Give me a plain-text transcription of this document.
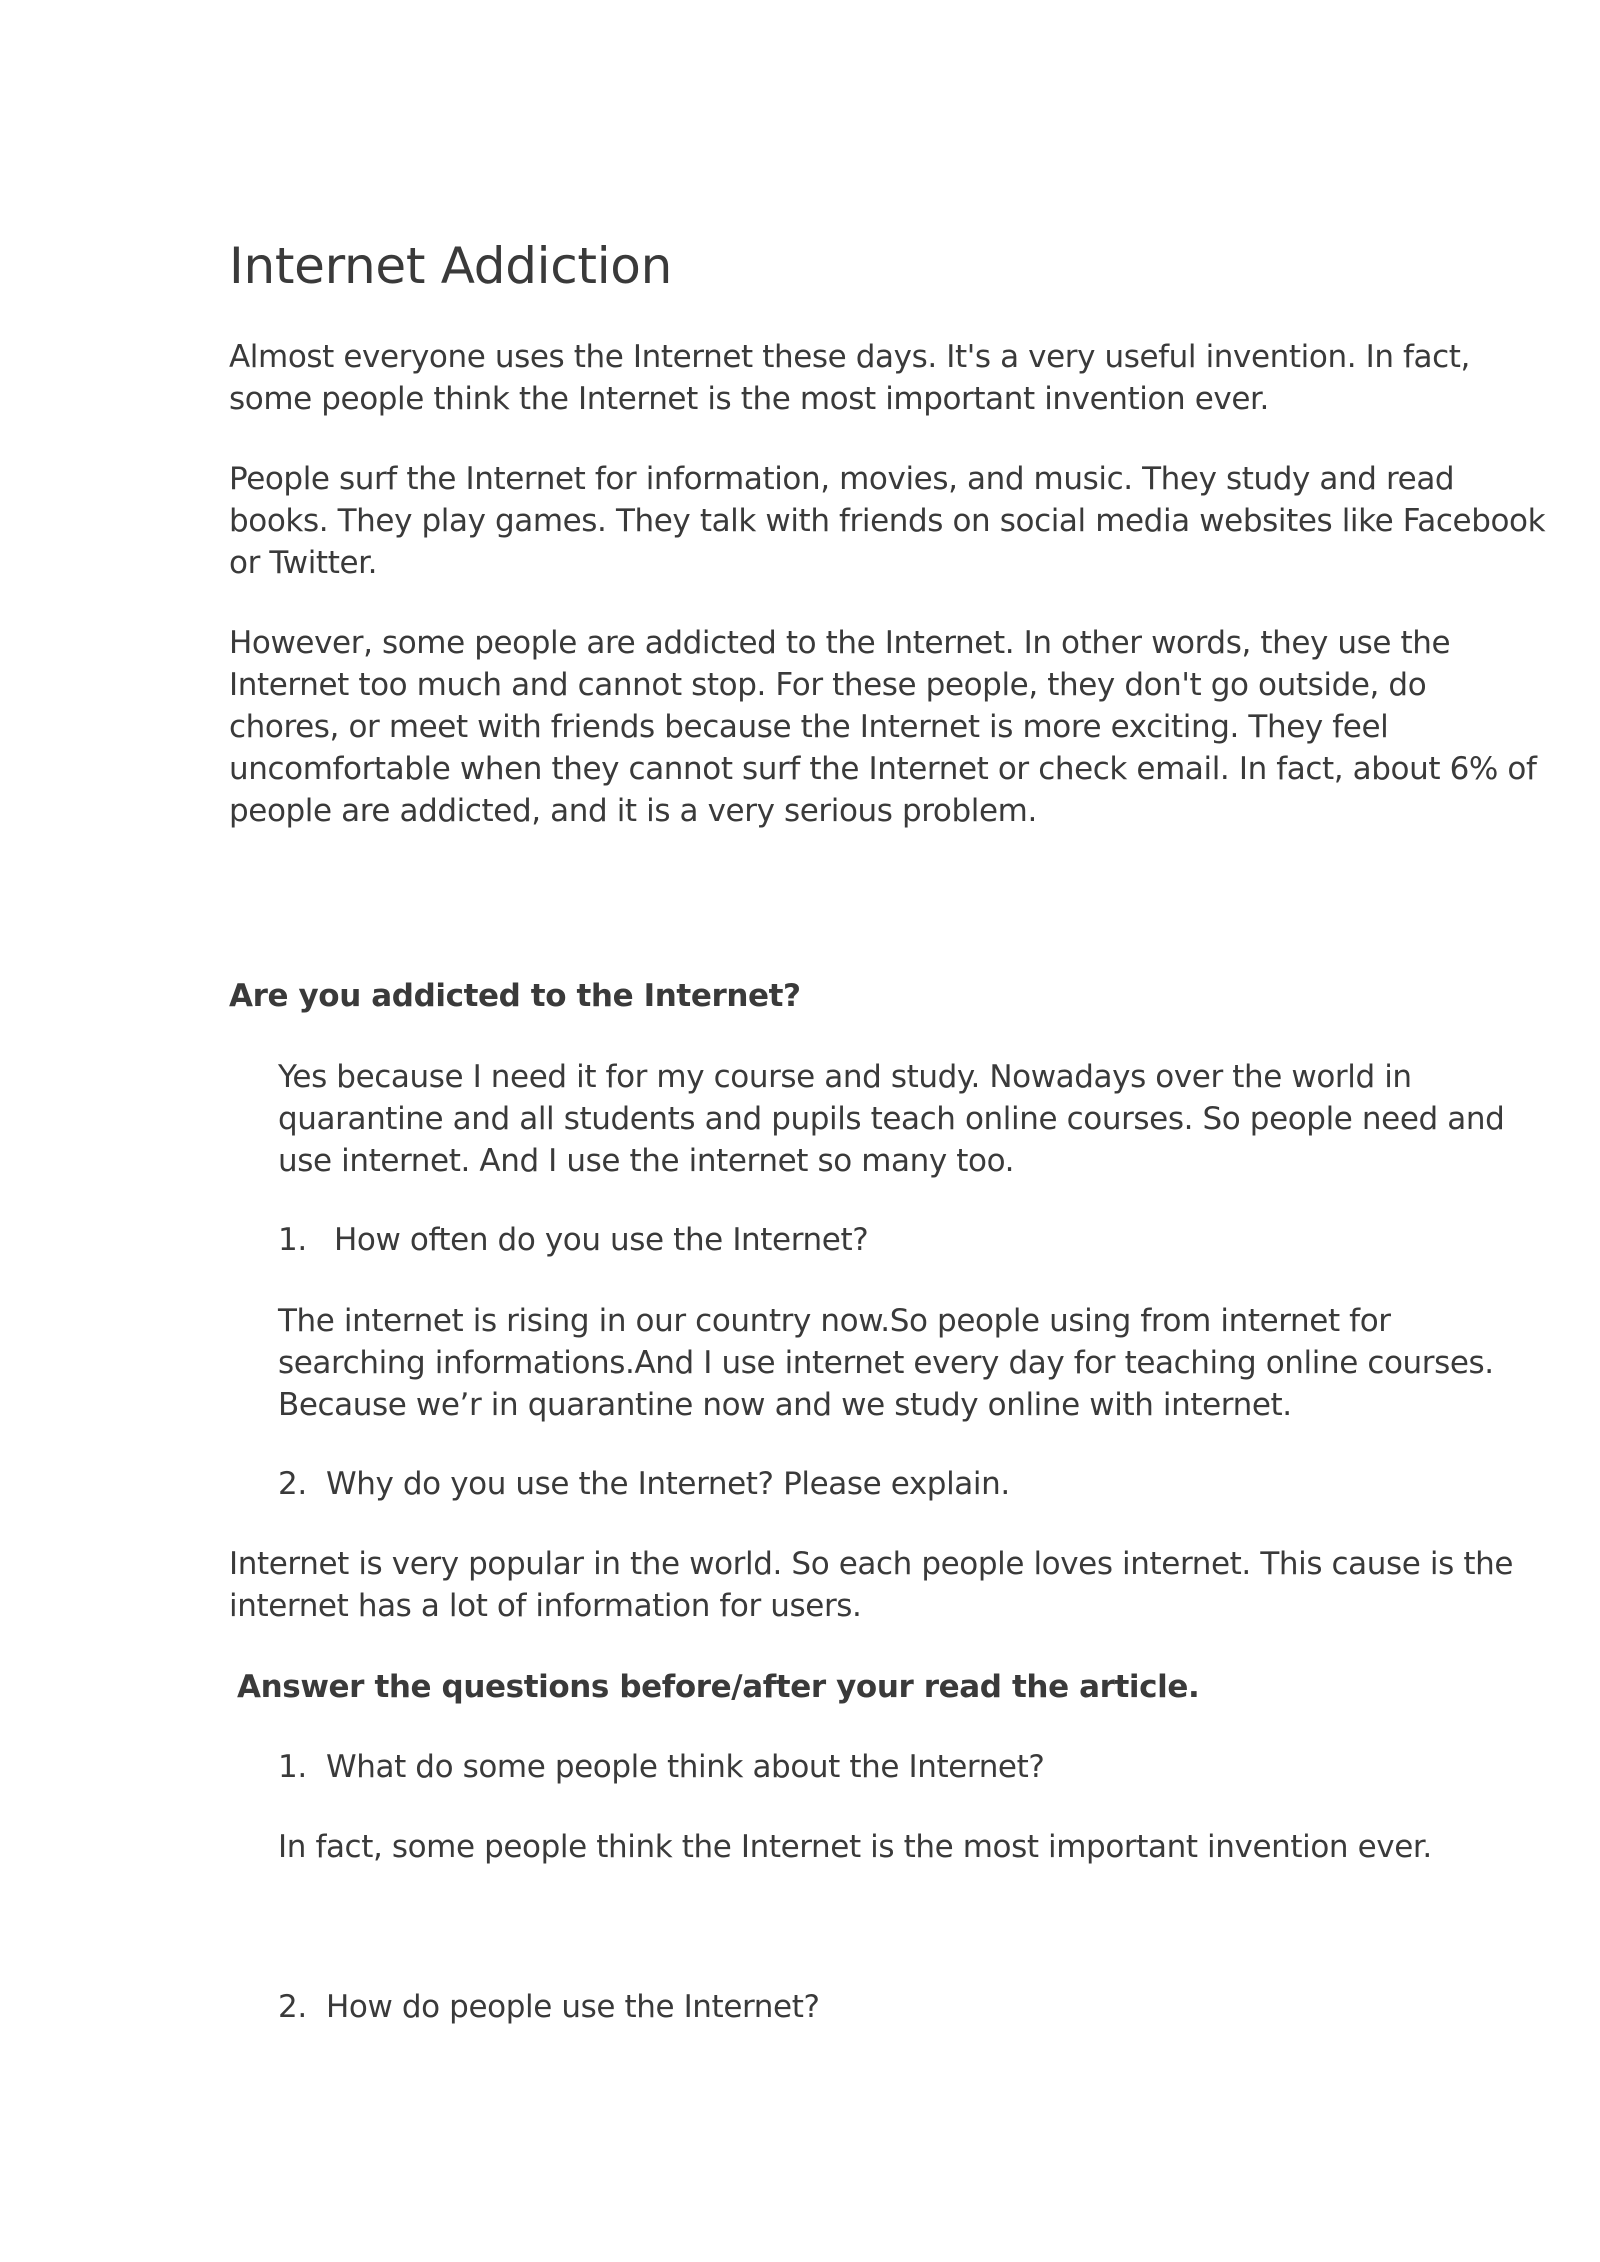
Internet Addiction

Almost everyone uses the Internet these days. It's a very useful invention. In fact,
some people think the Internet is the most important invention ever.

People surf the Internet for information, movies, and music. They study and read
books. They play games. They talk with friends on social media websites like Facebook
or Twitter.

However, some people are addicted to the Internet. In other words, they use the
Internet too much and cannot stop. For these people, they don't go outside, do
chores, or meet with friends because the Internet is more exciting. They feel
uncomfortable when they cannot surf the Internet or check email. In fact, about 6% of
people are addicted, and it is a very serious problem.

Are you addicted to the Internet?

Yes because I need it for my course and study. Nowadays over the world in
quarantine and all students and pupils teach online courses. So people need and
use internet. And I use the internet so many too.

1. How often do you use the Internet?

The internet is rising in our country now.So people using from internet for
searching informations.And I use internet every day for teaching online courses.
Because we’r in quarantine now and we study online with internet.

2. Why do you use the Internet? Please explain.

Internet is very popular in the world. So each people loves internet. This cause is the
internet has a lot of information for users.

Answer the questions before/after your read the article.

1. What do some people think about the Internet?

In fact, some people think the Internet is the most important invention ever.

2. How do people use the Internet?
